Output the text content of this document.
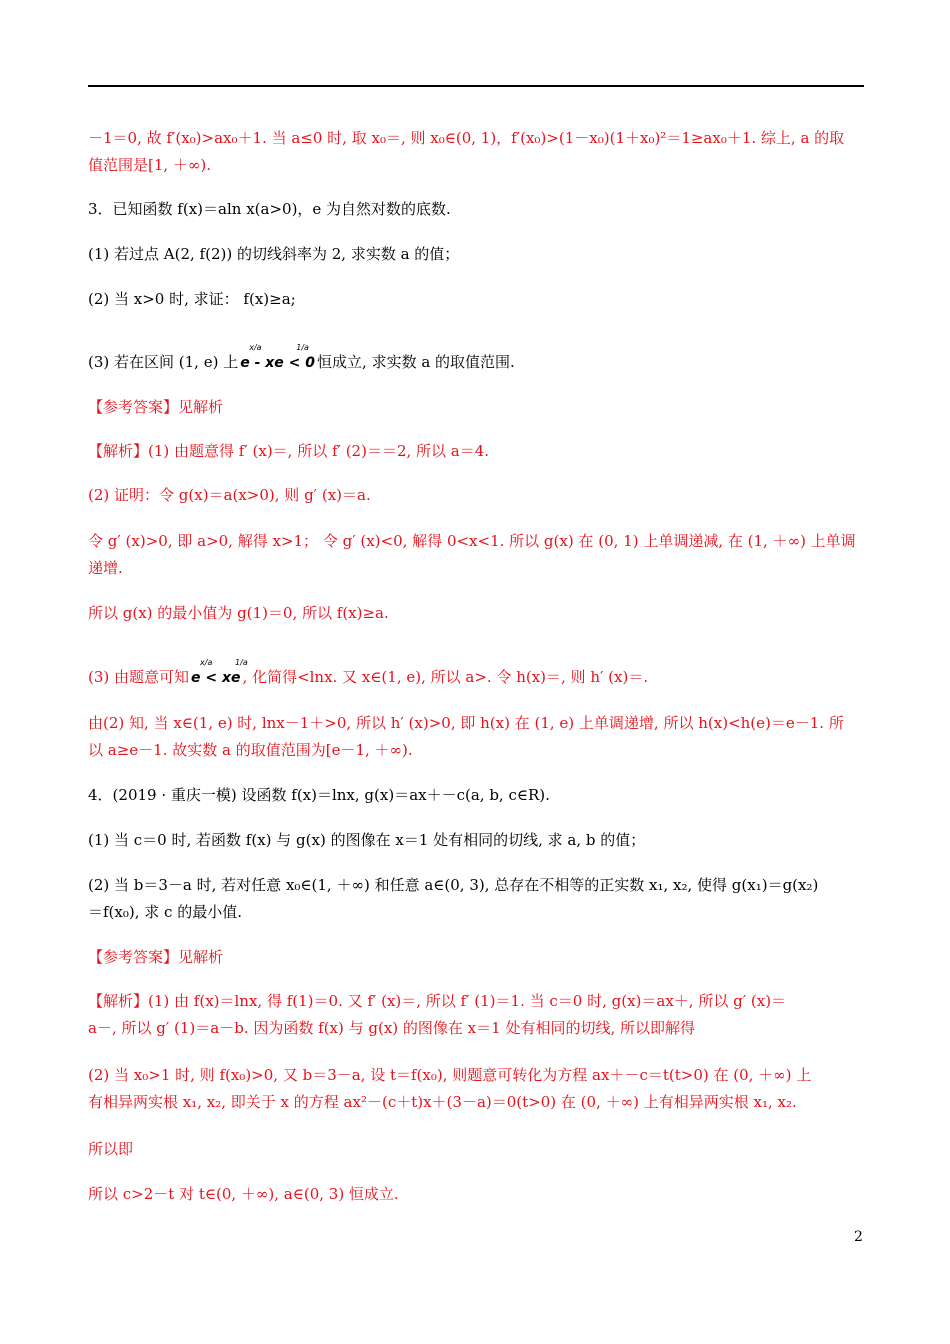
－1＝0, 故 f′(x₀)>ax₀＋1. 当 a≤0 时, 取 x₀＝, 则 x₀∈(0, 1)，f′(x₀)>(1－x₀)(1＋x₀)²＝1≥ax₀＋1. 综上, a 的取
值范围是[1, ＋∞).
3．已知函数 f(x)＝aln x(a>0)，e 为自然对数的底数.
(1) 若过点 A(2, f(2)) 的切线斜率为 2, 求实数 a 的值；
(2) 当 x>0 时, 求证： f(x)≥a;
(3) 若在区间 (1, e) 上 e - xe < 0
x/a	1/a
恒成立, 求实数 a 的取值范围.
【参考答案】见解析
【解析】(1) 由题意得 f′ (x)＝, 所以 f′ (2)＝＝2, 所以 a＝4.
(2) 证明：令 g(x)＝a(x>0), 则 g′ (x)＝a.
令 g′ (x)>0, 即 a>0, 解得 x>1； 令 g′ (x)<0, 解得 0<x<1. 所以 g(x) 在 (0, 1) 上单调递减, 在 (1, ＋∞) 上单调
递增.
所以 g(x) 的最小值为 g(1)＝0, 所以 f(x)≥a.
(3) 由题意可知 e < xe
x/a	1/a
, 化简得<lnx. 又 x∈(1, e), 所以 a>. 令 h(x)＝, 则 h′ (x)＝.
由(2) 知, 当 x∈(1, e) 时, lnx－1＋>0, 所以 h′ (x)>0, 即 h(x) 在 (1, e) 上单调递增, 所以 h(x)<h(e)＝e－1. 所
以 a≥e－1. 故实数 a 的取值范围为[e－1, ＋∞).
4．(2019 · 重庆一模) 设函数 f(x)＝lnx, g(x)＝ax＋－c(a, b, c∈R).
(1) 当 c＝0 时, 若函数 f(x) 与 g(x) 的图像在 x＝1 处有相同的切线, 求 a, b 的值；
(2) 当 b＝3－a 时, 若对任意 x₀∈(1, ＋∞) 和任意 a∈(0, 3), 总存在不相等的正实数 x₁, x₂, 使得 g(x₁)＝g(x₂)
＝f(x₀), 求 c 的最小值.
【参考答案】见解析
【解析】(1) 由 f(x)＝lnx, 得 f(1)＝0. 又 f′ (x)＝, 所以 f′ (1)＝1. 当 c＝0 时, g(x)＝ax＋, 所以 g′ (x)＝
a－, 所以 g′ (1)＝a－b. 因为函数 f(x) 与 g(x) 的图像在 x＝1 处有相同的切线, 所以即解得
(2) 当 x₀>1 时, 则 f(x₀)>0, 又 b＝3－a, 设 t＝f(x₀), 则题意可转化为方程 ax＋－c＝t(t>0) 在 (0, ＋∞) 上
有相异两实根 x₁, x₂, 即关于 x 的方程 ax²－(c＋t)x＋(3－a)＝0(t>0) 在 (0, ＋∞) 上有相异两实根 x₁, x₂.
所以即
所以 c>2－t 对 t∈(0, ＋∞), a∈(0, 3) 恒成立.
2
